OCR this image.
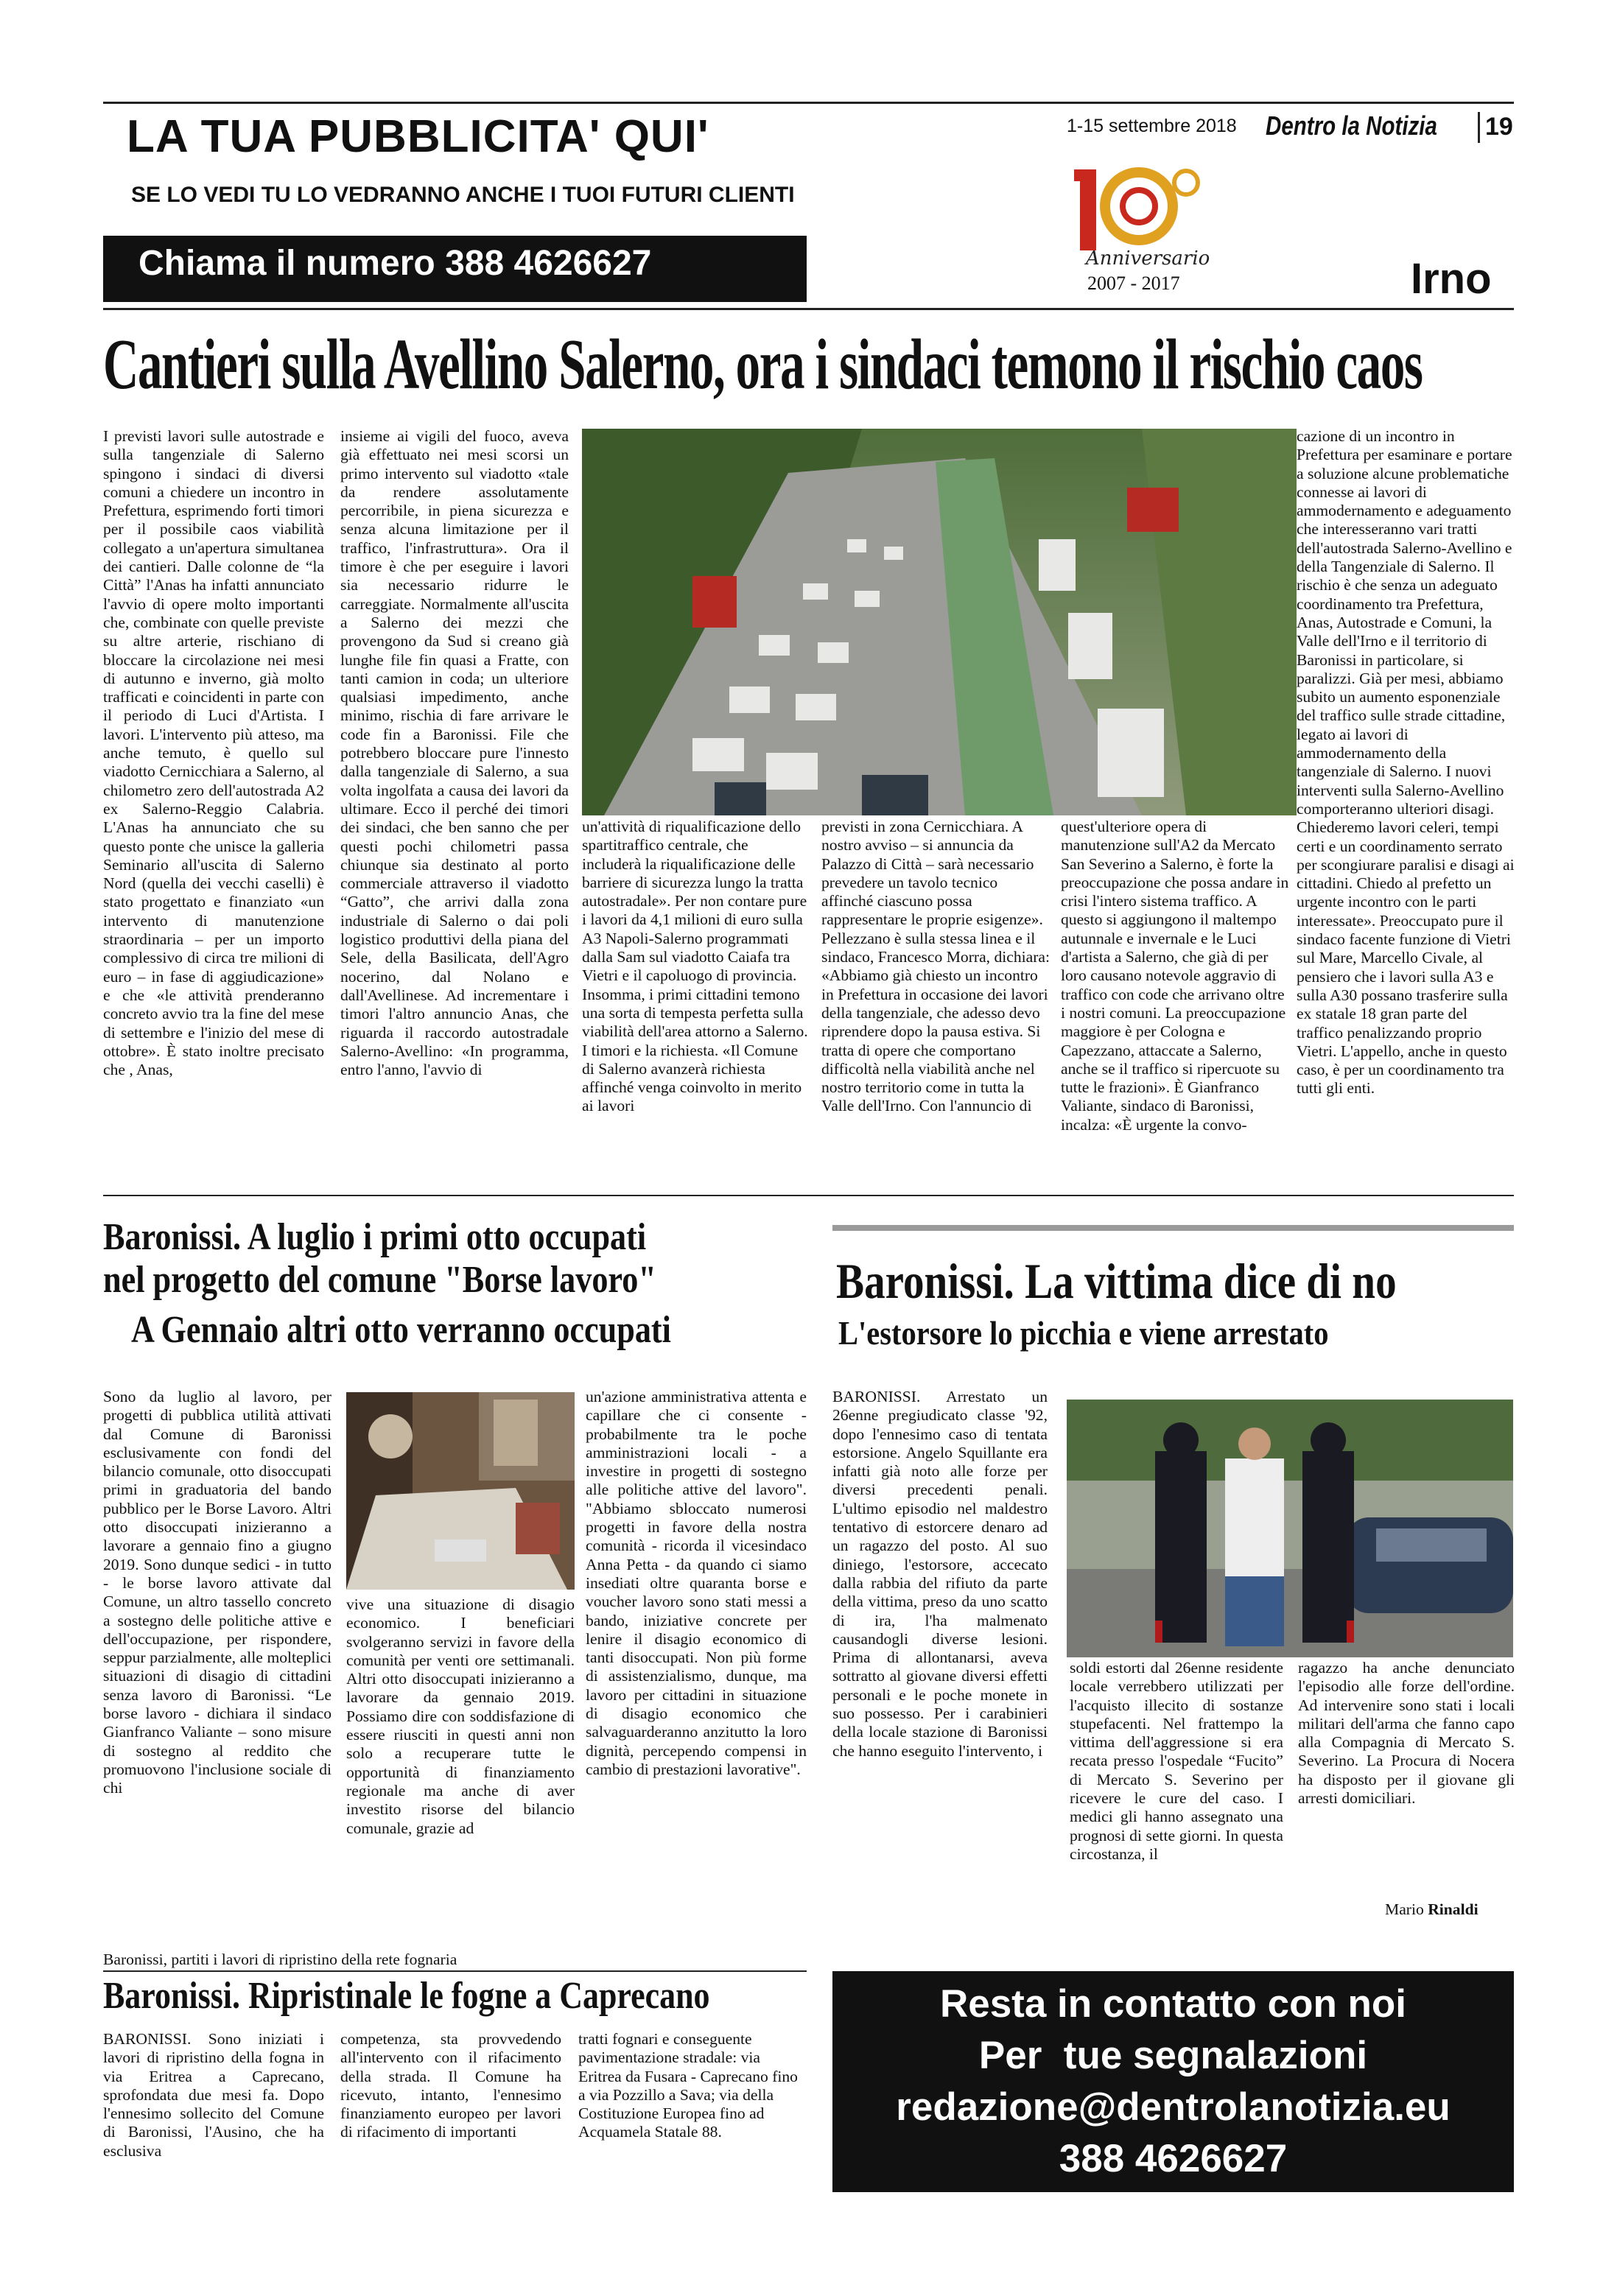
LA TUA PUBBLICITA' QUI'
SE LO VEDI TU LO VEDRANNO ANCHE I TUOI FUTURI CLIENTI
Chiama il numero 388 4626627
1-15 settembre 2018 Dentro la Notizia 19
Anniversario
2007 - 2017	Irno
Cantieri sulla Avellino Salerno, ora i sindaci temono il rischio caos
I previsti lavori sulle autostrade e sulla tangenziale di Salerno spingono i sindaci di diversi comuni a chiedere un incontro in Prefettura, esprimendo forti timori per il possibile caos viabilità collegato a un'apertura simultanea dei cantieri. Dalle colonne de “la Città” l'Anas ha infatti annunciato l'avvio di opere molto importanti che, combinate con quelle previste su altre arterie, rischiano di bloccare la circolazione nei mesi di autunno e inverno, già molto trafficati e coincidenti in parte con il periodo di Luci d'Artista. I lavori. L'intervento più atteso, ma anche temuto, è quello sul viadotto Cernicchiara a Salerno, al chilometro zero dell'autostrada A2 ex Salerno-Reggio Calabria. L'Anas ha annunciato che su questo ponte che unisce la galleria Seminario all'uscita di Salerno Nord (quella dei vecchi caselli) è stato progettato e finanziato «un intervento di manutenzione straordinaria – per un importo complessivo di circa tre milioni di euro – in fase di aggiudicazione» e che «le attività prenderanno concreto avvio tra la fine del mese di settembre e l'inizio del mese di ottobre». È stato inoltre precisato che , Anas,
insieme ai vigili del fuoco, aveva già effettuato nei mesi scorsi un primo intervento sul viadotto «tale da rendere assolutamente percorribile, in piena sicurezza e senza alcuna limitazione per il traffico, l'infrastruttura». Ora il timore è che per eseguire i lavori sia necessario ridurre le carreggiate. Normalmente all'uscita a Salerno dei mezzi che provengono da Sud si creano già lunghe file fin quasi a Fratte, con tanti camion in coda; un ulteriore qualsiasi impedimento, anche minimo, rischia di fare arrivare le code fin a Baronissi. File che potrebbero bloccare pure l'innesto dalla tangenziale di Salerno, a sua volta ingolfata a causa dei lavori da ultimare. Ecco il perché dei timori dei sindaci, che ben sanno che per questi pochi chilometri passa chiunque sia destinato al porto commerciale attraverso il viadotto “Gatto”, che arrivi dalla zona industriale di Salerno o dai poli logistico produttivi della piana del Sele, della Basilicata, dell'Agro nocerino, dal Nolano e dall'Avellinese. Ad incrementare i timori l'altro annuncio Anas, che riguarda il raccordo autostradale Salerno-Avellino: «In programma, entro l'anno, l'avvio di
un'attività di riqualificazione dello spartitraffico centrale, che includerà la riqualificazione delle barriere di sicurezza lungo la tratta autostradale». Per non contare pure i lavori da 4,1 milioni di euro sulla A3 Napoli-Salerno programmati dalla Sam sul viadotto Caiafa tra Vietri e il capoluogo di provincia. Insomma, i primi cittadini temono una sorta di tempesta perfetta sulla viabilità dell'area attorno a Salerno. I timori e la richiesta. «Il Comune di Salerno avanzerà richiesta affinché venga coinvolto in merito ai lavori
previsti in zona Cernicchiara. A nostro avviso – si annuncia da Palazzo di Città – sarà necessario prevedere un tavolo tecnico affinché ciascuno possa rappresentare le proprie esigenze». Pellezzano è sulla stessa linea e il sindaco, Francesco Morra, dichiara: «Abbiamo già chiesto un incontro in Prefettura in occasione dei lavori della tangenziale, che adesso devo riprendere dopo la pausa estiva. Si tratta di opere che comportano difficoltà nella viabilità anche nel nostro territorio come in tutta la Valle dell'Irno. Con l'annuncio di
quest'ulteriore opera di manutenzione sull'A2 da Mercato San Severino a Salerno, è forte la preoccupazione che possa andare in crisi l'intero sistema traffico. A questo si aggiungono il maltempo autunnale e invernale e le Luci d'artista a Salerno, che già di per loro causano notevole aggravio di traffico con code che arrivano oltre i nostri comuni. La preoccupazione maggiore è per Cologna e Capezzano, attaccate a Salerno, anche se il traffico si ripercuote su tutte le frazioni». È Gianfranco Valiante, sindaco di Baronissi, incalza: «È urgente la convo-
cazione di un incontro in Prefettura per esaminare e portare a soluzione alcune problematiche connesse ai lavori di ammodernamento e adeguamento che interesseranno vari tratti dell'autostrada Salerno-Avellino e della Tangenziale di Salerno. Il rischio è che senza un adeguato coordinamento tra Prefettura, Anas, Autostrade e Comuni, la Valle dell'Irno e il territorio di Baronissi in particolare, si paralizzi. Già per mesi, abbiamo subito un aumento esponenziale del traffico sulle strade cittadine, legato ai lavori di ammodernamento della tangenziale di Salerno. I nuovi interventi sulla Salerno-Avellino comporteranno ulteriori disagi. Chiederemo lavori celeri, tempi certi e un coordinamento serrato per scongiurare paralisi e disagi ai cittadini. Chiedo al prefetto un urgente incontro con le parti interessate». Preoccupato pure il sindaco facente funzione di Vietri sul Mare, Marcello Civale, al pensiero che i lavori sulla A3 e sulla A30 possano trasferire sulla ex statale 18 gran parte del traffico penalizzando proprio Vietri. L'appello, anche in questo caso, è per un coordinamento tra tutti gli enti.
Baronissi. A luglio i primi otto occupati
nel progetto del comune "Borse lavoro"
A Gennaio altri otto verranno occupati
Sono da luglio al lavoro, per progetti di pubblica utilità attivati dal Comune di Baronissi esclusivamente con fondi del bilancio comunale, otto disoccupati primi in graduatoria del bando pubblico per le Borse Lavoro. Altri otto disoccupati inizieranno a lavorare a gennaio fino a giugno 2019. Sono dunque sedici - in tutto - le borse lavoro attivate dal Comune, un altro tassello concreto a sostegno delle politiche attive e dell'occupazione, per rispondere, seppur parzialmente, alle molteplici situazioni di disagio di cittadini senza lavoro di Baronissi. “Le borse lavoro - dichiara il sindaco Gianfranco Valiante – sono misure di sostegno al reddito che promuovono l'inclusione sociale di chi
vive una situazione di disagio economico. I beneficiari svolgeranno servizi in favore della comunità per venti ore settimanali. Altri otto disoccupati inizieranno a lavorare da gennaio 2019. Possiamo dire con soddisfazione di essere riusciti in questi anni non solo a recuperare tutte le opportunità di finanziamento regionale ma anche di aver investito risorse del bilancio comunale, grazie ad
un'azione amministrativa attenta e capillare che ci consente - probabilmente tra le poche amministrazioni locali - a investire in progetti di sostegno alle politiche attive del lavoro". "Abbiamo sbloccato numerosi progetti in favore della nostra comunità - ricorda il vicesindaco Anna Petta - da quando ci siamo insediati oltre quaranta borse e voucher lavoro sono stati messi a bando, iniziative concrete per lenire il disagio economico di tanti disoccupati. Non più forme di assistenzialismo, dunque, ma lavoro per cittadini in situazione di disagio economico che salvaguarderanno anzitutto la loro dignità, percependo compensi in cambio di prestazioni lavorative".
Baronissi, partiti i lavori di ripristino della rete fognaria
Baronissi. La vittima dice di no
L'estorsore lo picchia e viene arrestato
BARONISSI. Arrestato un 26enne pregiudicato classe '92, dopo l'ennesimo caso di tentata estorsione. Angelo Squillante era infatti già noto alle forze per diversi precedenti penali. L'ultimo episodio nel maldestro tentativo di estorcere denaro ad un ragazzo del posto. Al suo diniego, l'estorsore, accecato dalla rabbia del rifiuto da parte della vittima, preso da uno scatto di ira, l'ha malmenato causandogli diverse lesioni. Prima di allontanarsi, aveva sottratto al giovane diversi effetti personali e le poche monete in suo possesso. Per i carabinieri della locale stazione di Baronissi che hanno eseguito l'intervento, i
soldi estorti dal 26enne residente locale verrebbero utilizzati per l'acquisto illecito di sostanze stupefacenti. Nel frattempo la vittima dell'aggressione si era recata presso l'ospedale “Fucito” di Mercato S. Severino per ricevere le cure del caso. I medici gli hanno assegnato una prognosi di sette giorni. In questa circostanza, il
ragazzo ha anche denunciato l'episodio alle forze dell'ordine. Ad intervenire sono stati i locali militari dell'arma che fanno capo alla Compagnia di Mercato S. Severino. La Procura di Nocera ha disposto per il giovane gli arresti domiciliari.
Mario Rinaldi
Baronissi. Ripristinale le fogne a Caprecano
BARONISSI. Sono iniziati i lavori di ripristino della fogna in via Eritrea a Caprecano, sprofondata due mesi fa. Dopo l'ennesimo sollecito del Comune di Baronissi, l'Ausino, che ha esclusiva
competenza, sta provvedendo all'intervento con il rifacimento della strada. Il Comune ha ricevuto, intanto, l'ennesimo finanziamento europeo per lavori di rifacimento di importanti
tratti fognari e conseguente pavimentazione stradale: via Eritrea da Fusara - Caprecano fino a via Pozzillo a Sava; via della Costituzione Europea fino ad Acquamela Statale 88.
Resta in contatto con noi
Per  tue segnalazioni
redazione@dentrolanotizia.eu
388 4626627
